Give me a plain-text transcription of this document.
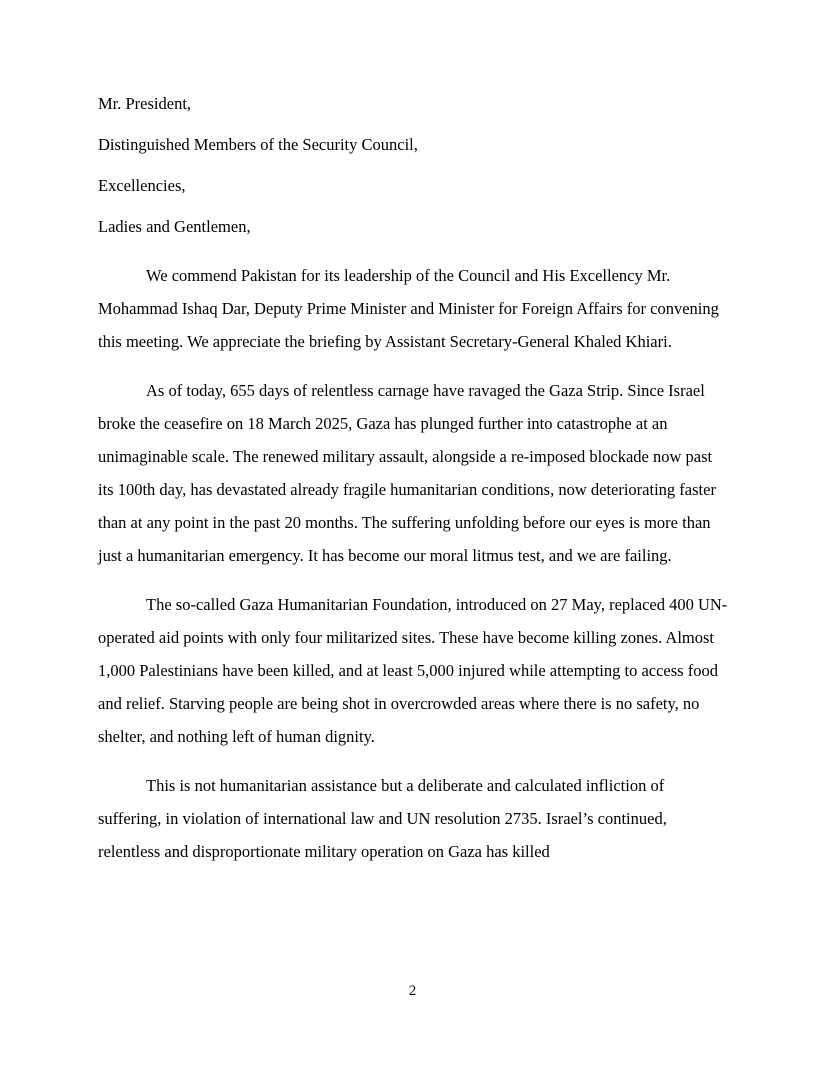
Mr. President,

Distinguished Members of the Security Council,

Excellencies,

Ladies and Gentlemen,

We commend Pakistan for its leadership of the Council and His Excellency Mr. Mohammad Ishaq Dar, Deputy Prime Minister and Minister for Foreign Affairs for convening this meeting. We appreciate the briefing by Assistant Secretary-General Khaled Khiari.

As of today, 655 days of relentless carnage have ravaged the Gaza Strip. Since Israel broke the ceasefire on 18 March 2025, Gaza has plunged further into catastrophe at an unimaginable scale. The renewed military assault, alongside a re-imposed blockade now past its 100th day, has devastated already fragile humanitarian conditions, now deteriorating faster than at any point in the past 20 months. The suffering unfolding before our eyes is more than just a humanitarian emergency. It has become our moral litmus test, and we are failing.

The so-called Gaza Humanitarian Foundation, introduced on 27 May, replaced 400 UN-operated aid points with only four militarized sites. These have become killing zones. Almost 1,000 Palestinians have been killed, and at least 5,000 injured while attempting to access food and relief. Starving people are being shot in overcrowded areas where there is no safety, no shelter, and nothing left of human dignity.

This is not humanitarian assistance but a deliberate and calculated infliction of suffering, in violation of international law and UN resolution 2735. Israel’s continued, relentless and disproportionate military operation on Gaza has killed

2
